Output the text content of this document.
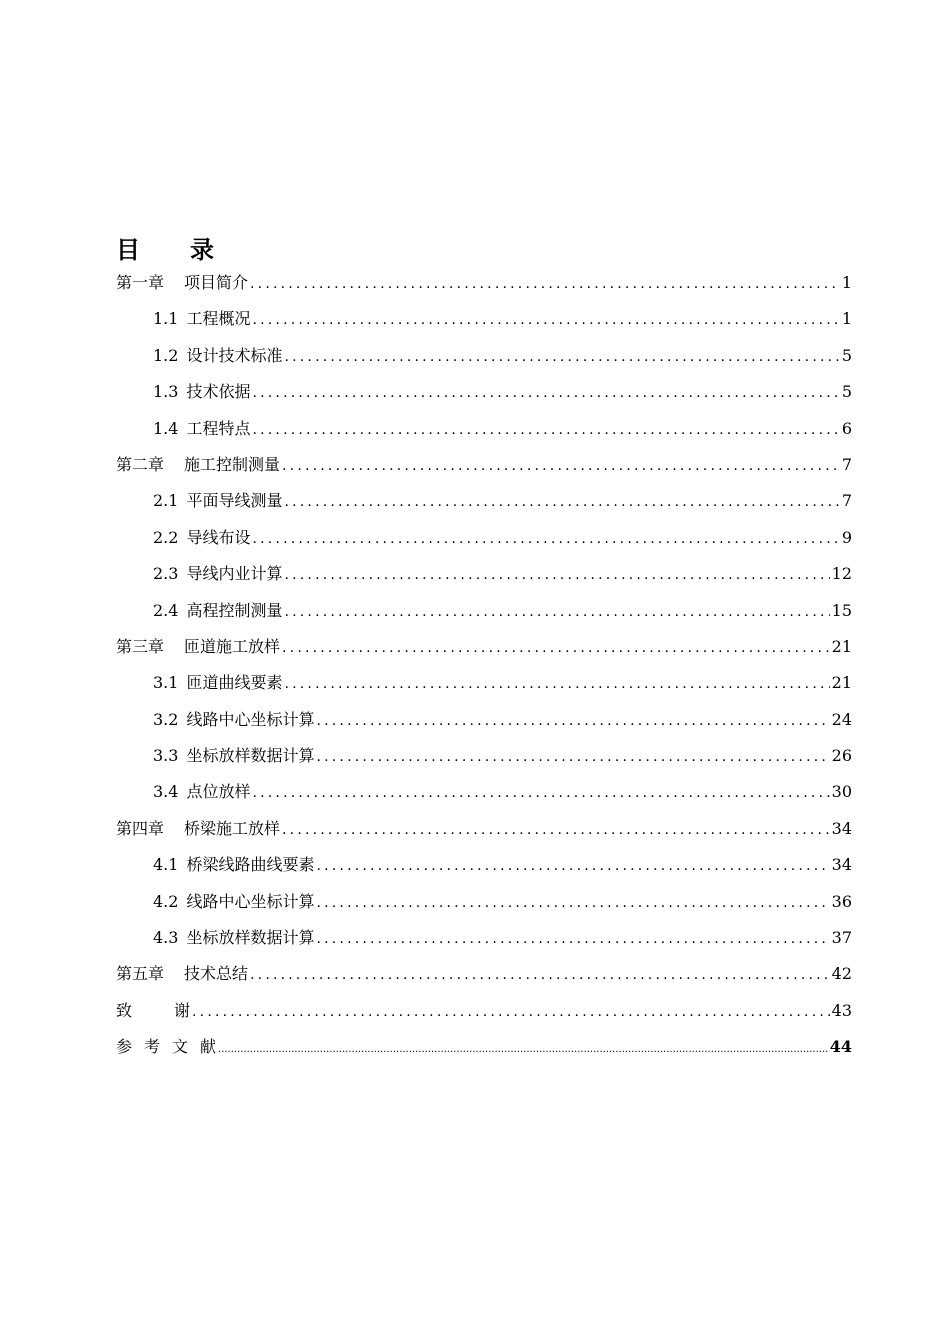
目 录
第一章 项目简介 .....	1
1.1 工程概况 .....	1
1.2 设计技术标准 .....	5
1.3 技术依据 .....	5
1.4 工程特点 .....	6
第二章 施工控制测量 .....	7
2.1 平面导线测量 .....	7
2.2 导线布设 .....	9
2.3 导线内业计算 .....	12
2.4 高程控制测量 .....	15
第三章 匝道施工放样 .....	21
3.1 匝道曲线要素 .....	21
3.2 线路中心坐标计算 .....	24
3.3 坐标放样数据计算 .....	26
3.4 点位放样 .....	30
第四章 桥梁施工放样 .....	34
4.1 桥梁线路曲线要素 .....	34
4.2 线路中心坐标计算 .....	36
4.3 坐标放样数据计算 .....	37
第五章 技术总结 .....	42
致	谢 .....	43
参考文献 .....	44
